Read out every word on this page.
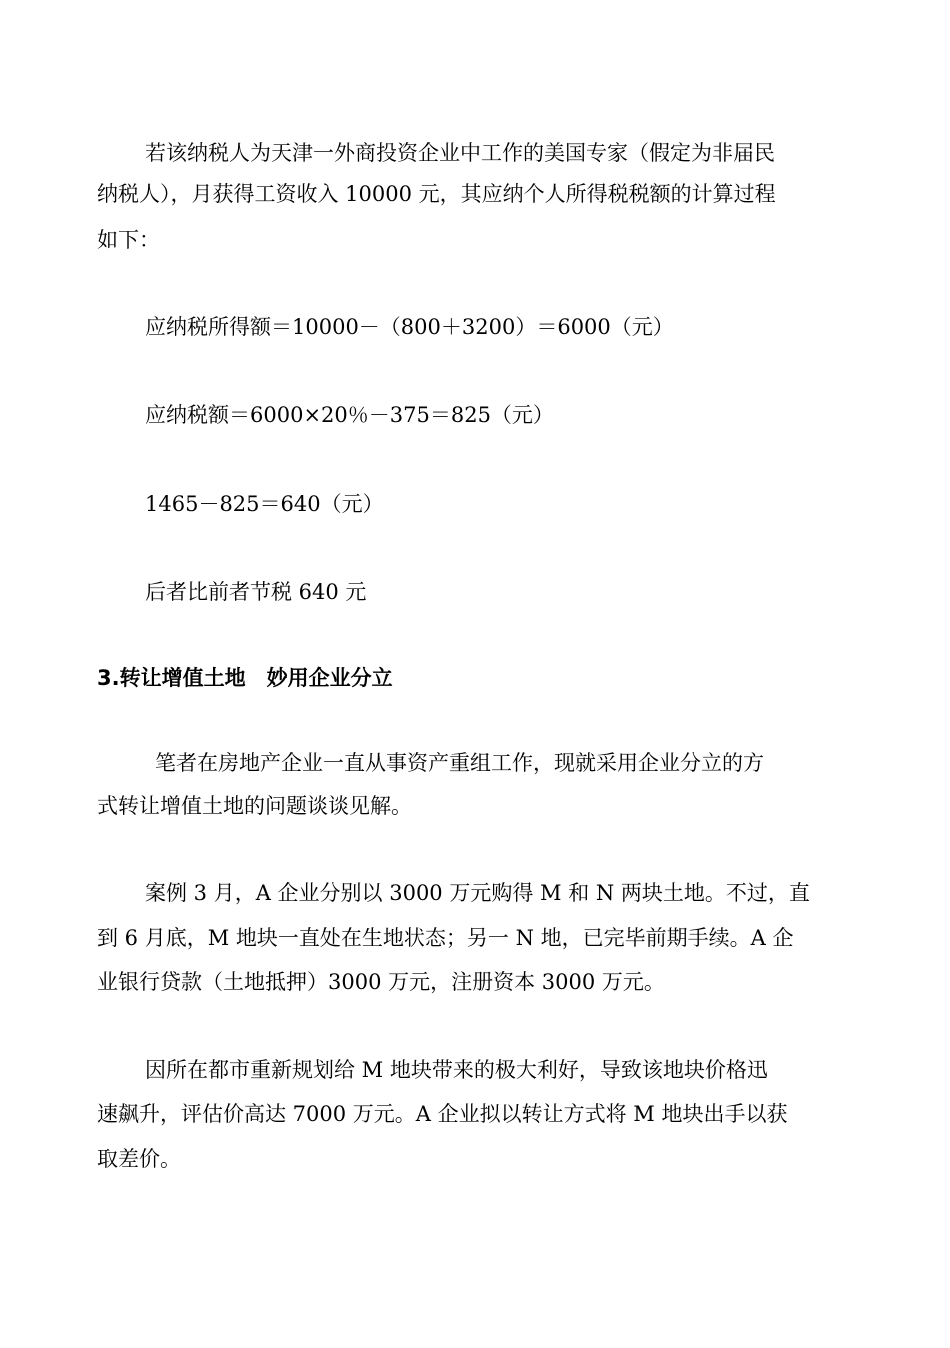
若该纳税人为天津一外商投资企业中工作的美国专家（假定为非届民
纳税人），月获得工资收入 10000 元，其应纳个人所得税税额的计算过程
如下：
应纳税所得额＝10000－（800＋3200）＝6000（元）
应纳税额＝6000×20％－375＝825（元）
1465－825＝640（元）
后者比前者节税 640 元
3.转让增值土地　妙用企业分立
笔者在房地产企业一直从事资产重组工作，现就采用企业分立的方
式转让增值土地的问题谈谈见解。
案例 3 月，A 企业分别以 3000 万元购得 M 和 N 两块土地。不过，直
到 6 月底，M 地块一直处在生地状态；另一 N 地，已完毕前期手续。A 企
业银行贷款（土地抵押）3000 万元，注册资本 3000 万元。
因所在都市重新规划给 M 地块带来的极大利好，导致该地块价格迅
速飙升，评估价高达 7000 万元。A 企业拟以转让方式将 M 地块出手以获
取差价。
